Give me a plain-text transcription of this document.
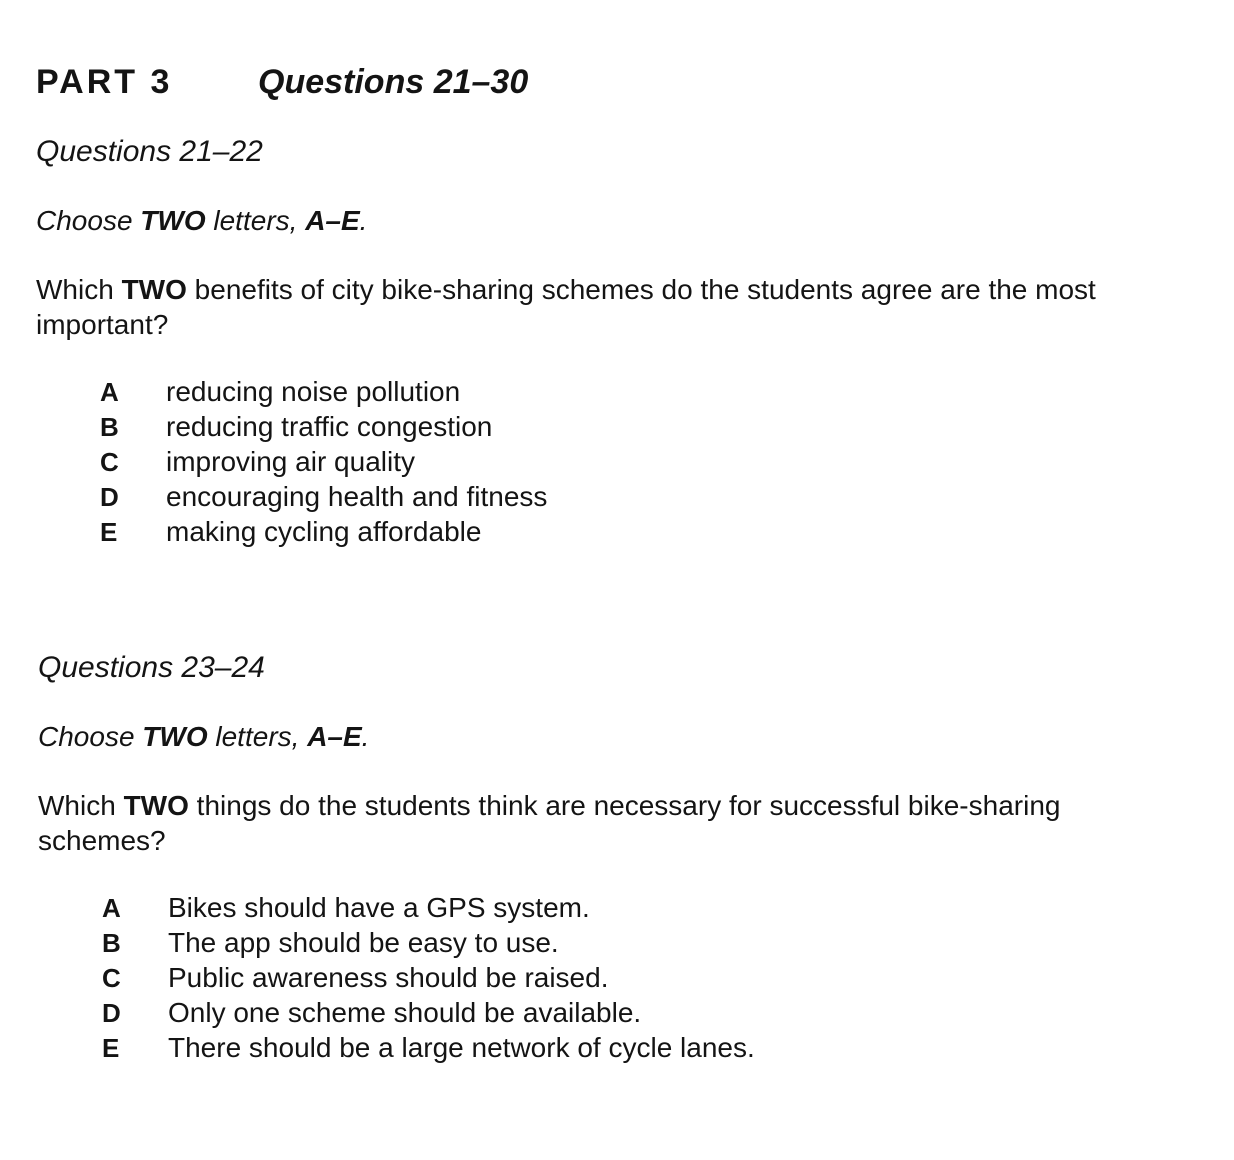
PART 3	Questions 21–30
Questions 21–22
Choose TWO letters, A–E.
Which TWO benefits of city bike-sharing schemes do the students agree are the most important?
A	reducing noise pollution
B	reducing traffic congestion
C	improving air quality
D	encouraging health and fitness
E	making cycling affordable
Questions 23–24
Choose TWO letters, A–E.
Which TWO things do the students think are necessary for successful bike-sharing schemes?
A	Bikes should have a GPS system.
B	The app should be easy to use.
C	Public awareness should be raised.
D	Only one scheme should be available.
E	There should be a large network of cycle lanes.
